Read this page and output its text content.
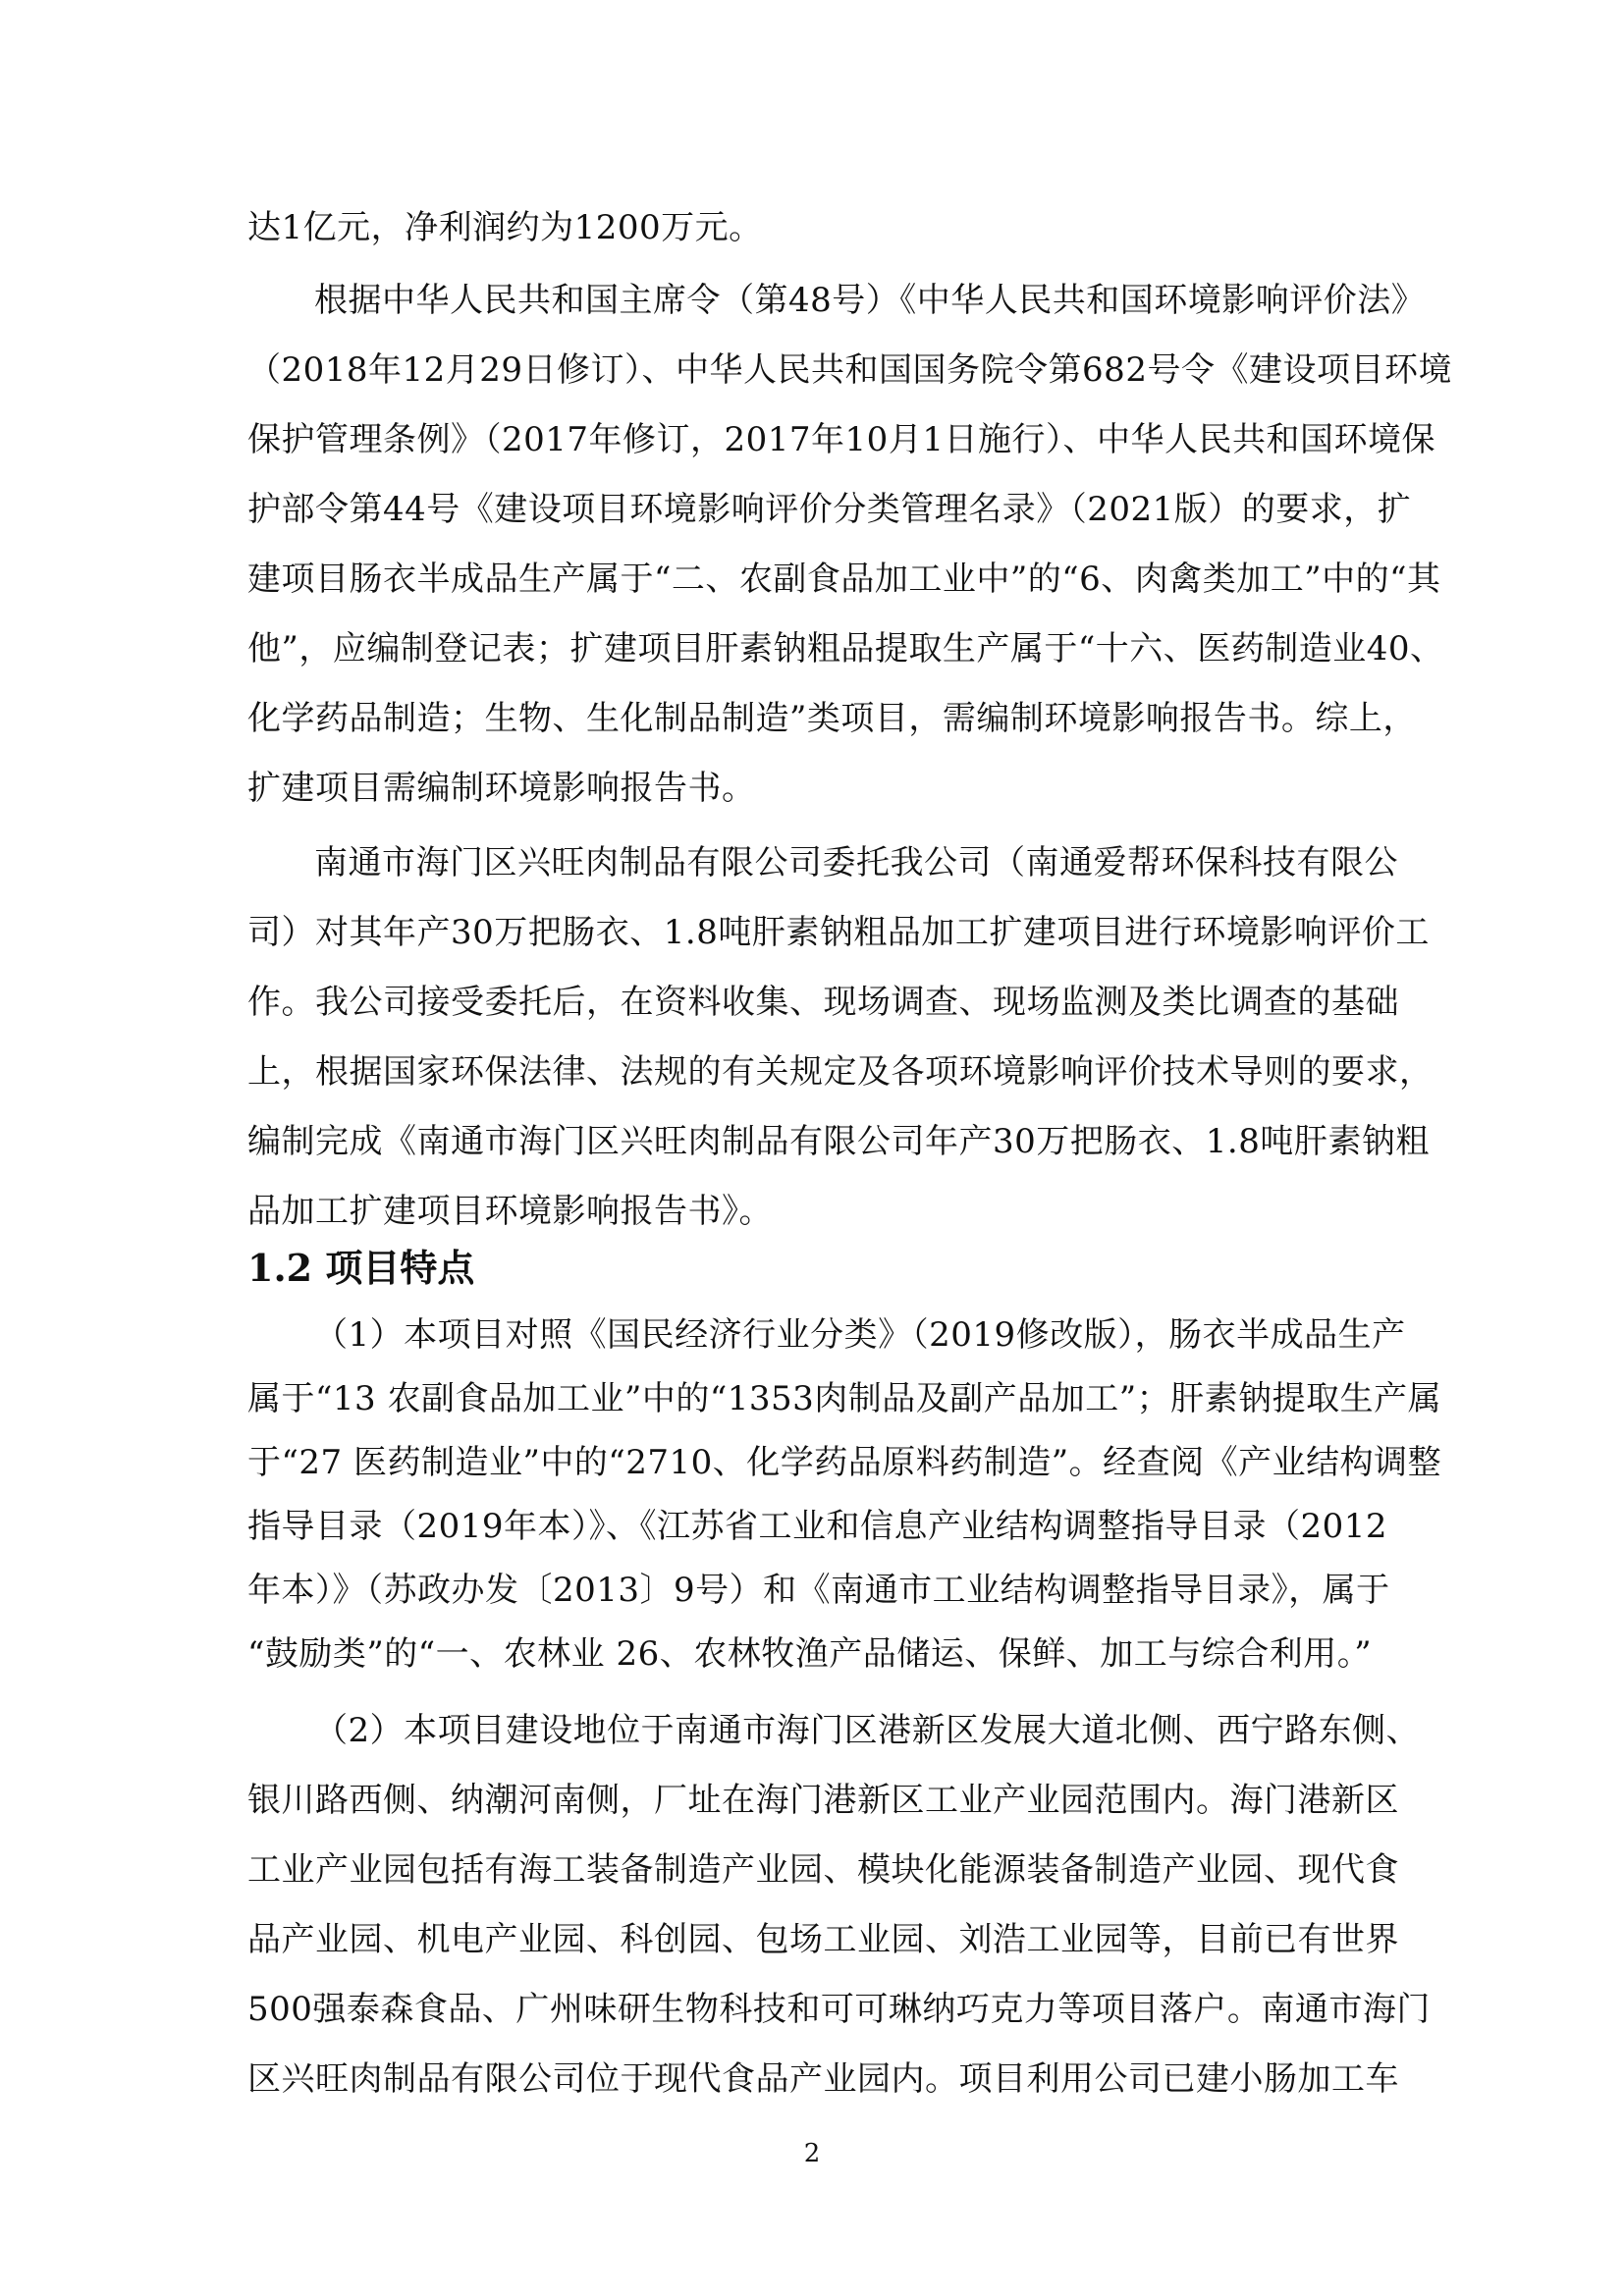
达1亿元，净利润约为1200万元。
根据中华人民共和国主席令（第48号）《中华人民共和国环境影响评价法》
（2018年12月29日修订）、中华人民共和国国务院令第682号令《建设项目环境
保护管理条例》（2017年修订，2017年10月1日施行）、中华人民共和国环境保
护部令第44号《建设项目环境影响评价分类管理名录》（2021版）的要求，扩
建项目肠衣半成品生产属于“二、农副食品加工业中”的“6、肉禽类加工”中的“其
他”，应编制登记表；扩建项目肝素钠粗品提取生产属于“十六、医药制造业40、
化学药品制造；生物、生化制品制造”类项目，需编制环境影响报告书。综上，
扩建项目需编制环境影响报告书。
南通市海门区兴旺肉制品有限公司委托我公司（南通爱帮环保科技有限公
司）对其年产30万把肠衣、1.8吨肝素钠粗品加工扩建项目进行环境影响评价工
作。我公司接受委托后，在资料收集、现场调查、现场监测及类比调查的基础
上，根据国家环保法律、法规的有关规定及各项环境影响评价技术导则的要求，
编制完成《南通市海门区兴旺肉制品有限公司年产30万把肠衣、1.8吨肝素钠粗
品加工扩建项目环境影响报告书》。
1.2 项目特点
（1）本项目对照《国民经济行业分类》（2019修改版），肠衣半成品生产
属于“13 农副食品加工业”中的“1353肉制品及副产品加工”；肝素钠提取生产属
于“27 医药制造业”中的“2710、化学药品原料药制造”。经查阅《产业结构调整
指导目录（2019年本）》、《江苏省工业和信息产业结构调整指导目录（2012
年本）》（苏政办发〔2013〕9号）和《南通市工业结构调整指导目录》，属于
“鼓励类”的“一、农林业 26、农林牧渔产品储运、保鲜、加工与综合利用。”
（2）本项目建设地位于南通市海门区港新区发展大道北侧、西宁路东侧、
银川路西侧、纳潮河南侧，厂址在海门港新区工业产业园范围内。海门港新区
工业产业园包括有海工装备制造产业园、模块化能源装备制造产业园、现代食
品产业园、机电产业园、科创园、包场工业园、刘浩工业园等，目前已有世界
500强泰森食品、广州味研生物科技和可可琳纳巧克力等项目落户。南通市海门
区兴旺肉制品有限公司位于现代食品产业园内。项目利用公司已建小肠加工车
2
